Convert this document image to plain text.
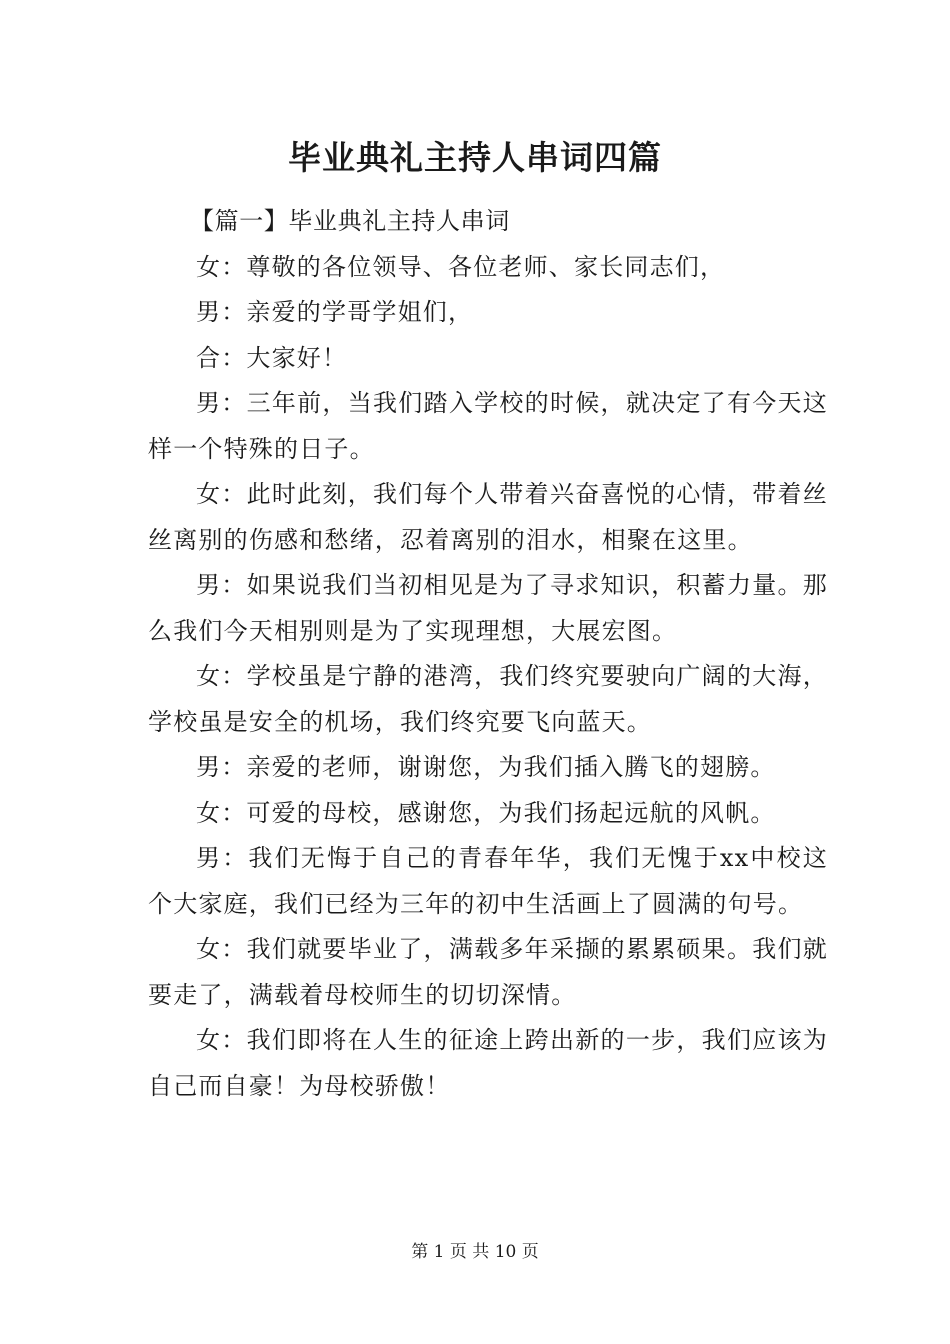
毕业典礼主持人串词四篇

【篇一】毕业典礼主持人串词

女：尊敬的各位领导、各位老师、家长同志们，

男：亲爱的学哥学姐们，

合：大家好！

男：三年前，当我们踏入学校的时候，就决定了有今天这样一个特殊的日子。

女：此时此刻，我们每个人带着兴奋喜悦的心情，带着丝丝离别的伤感和愁绪，忍着离别的泪水，相聚在这里。

男：如果说我们当初相见是为了寻求知识，积蓄力量。那么我们今天相别则是为了实现理想，大展宏图。

女：学校虽是宁静的港湾，我们终究要驶向广阔的大海，学校虽是安全的机场，我们终究要飞向蓝天。

男：亲爱的老师，谢谢您，为我们插入腾飞的翅膀。

女：可爱的母校，感谢您，为我们扬起远航的风帆。

男：我们无悔于自己的青春年华，我们无愧于xx中校这个大家庭，我们已经为三年的初中生活画上了圆满的句号。

女：我们就要毕业了，满载多年采撷的累累硕果。我们就要走了，满载着母校师生的切切深情。

女：我们即将在人生的征途上跨出新的一步，我们应该为自己而自豪！为母校骄傲！

第 1 页 共 10 页
